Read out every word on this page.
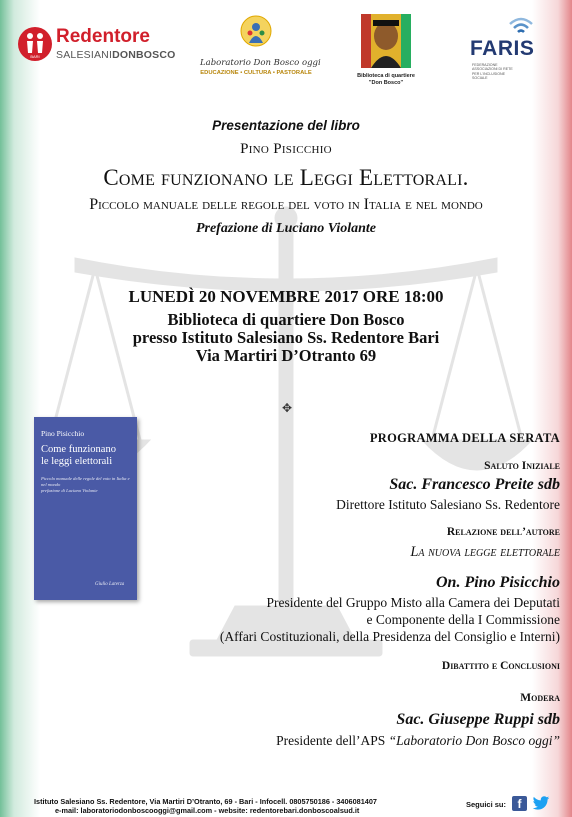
BARI
Redentore
SALESIANIDONBOSCO
Laboratorio Don Bosco oggi
EDUCAZIONE • CULTURA • PASTORALE	Biblioteca di quartiere
"Don Bosco"
FARIS
FEDERAZIONE ASSOCIAZIONI DI RETE PER L'INCLUSIONE SOCIALE
Presentazione del libro
Pino Pisicchio
Come funzionano le Leggi Elettorali.
Piccolo manuale delle regole del voto in Italia e nel mondo
Prefazione di Luciano Violante
LUNEDÌ 20 NOVEMBRE 2017 ORE 18:00
Biblioteca di quartiere Don Bosco
presso Istituto Salesiano Ss. Redentore Bari
Via Martiri D’Otranto 69
✥
Pino Pisicchio
Come funzionano
le leggi elettorali
Piccolo manuale delle regole del voto in Italia e nel mondo
prefazione di Luciano Violante
Giulio Laterza
PROGRAMMA DELLA SERATA
Saluto Iniziale
Sac. Francesco Preite sdb
Direttore Istituto Salesiano Ss. Redentore
Relazione dell’autore
La nuova legge elettorale
On. Pino Pisicchio
Presidente del Gruppo Misto alla Camera dei Deputati
e Componente della I Commissione
(Affari Costituzionali, della Presidenza del Consiglio e Interni)
Dibattito e Conclusioni
Modera
Sac. Giuseppe Ruppi sdb
Presidente dell’APS “Laboratorio Don Bosco oggi”
Istituto Salesiano Ss. Redentore, Via Martiri D’Otranto, 69 - Bari - Infocell. 0805750186 - 3406081407
e-mail: laboratoriodonboscooggi@gmail.com - website: redentorebari.donboscoalsud.it
Seguici su: f
